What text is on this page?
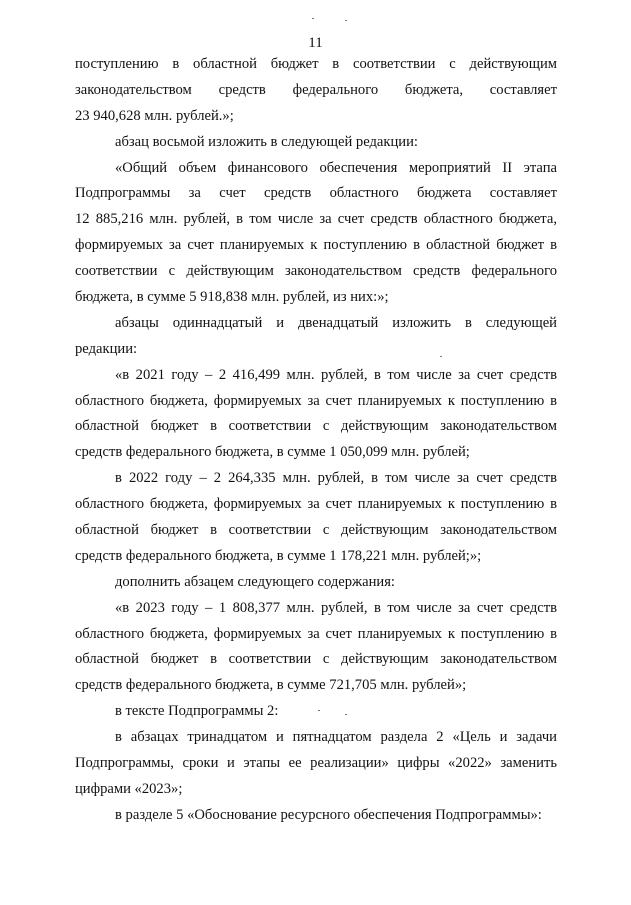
11
поступлению в областной бюджет в соответствии с действующим
законодательством средств федерального бюджета, составляет
23 940,628 млн. рублей.»;
абзац восьмой изложить в следующей редакции:
«Общий объем финансового обеспечения мероприятий II этапа
Подпрограммы за счет средств областного бюджета составляет
12 885,216 млн. рублей, в том числе за счет средств областного бюджета,
формируемых за счет планируемых к поступлению в областной бюджет в
соответствии с действующим законодательством средств федерального
бюджета, в сумме 5 918,838 млн. рублей, из них:»;
абзацы одиннадцатый и двенадцатый изложить в следующей
редакции:
«в 2021 году – 2 416,499 млн. рублей, в том числе за счет средств
областного бюджета, формируемых за счет планируемых к поступлению в
областной бюджет в соответствии с действующим законодательством
средств федерального бюджета, в сумме 1 050,099 млн. рублей;
в 2022 году – 2 264,335 млн. рублей, в том числе за счет средств
областного бюджета, формируемых за счет планируемых к поступлению в
областной бюджет в соответствии с действующим законодательством
средств федерального бюджета, в сумме 1 178,221 млн. рублей;»;
дополнить абзацем следующего содержания:
«в 2023 году – 1 808,377 млн. рублей, в том числе за счет средств
областного бюджета, формируемых за счет планируемых к поступлению в
областной бюджет в соответствии с действующим законодательством
средств федерального бюджета, в сумме 721,705 млн. рублей»;
в тексте Подпрограммы 2:
в абзацах тринадцатом и пятнадцатом раздела 2 «Цель и задачи
Подпрограммы, сроки и этапы ее реализации» цифры «2022» заменить
цифрами «2023»;
в разделе 5 «Обоснование ресурсного обеспечения Подпрограммы»:
